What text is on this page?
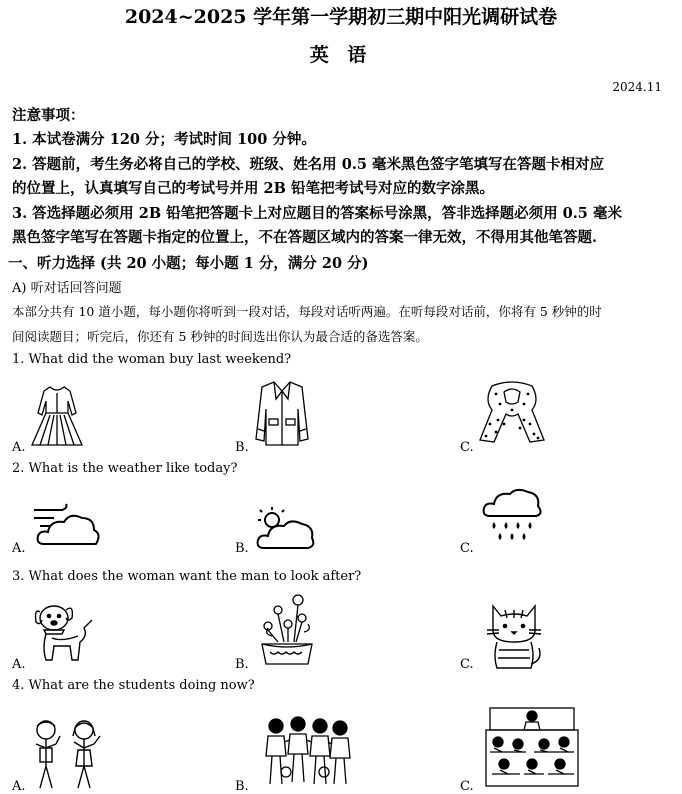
2024~2025 学年第一学期初三期中阳光调研试卷
英 语
2024.11
注意事项：
1. 本试卷满分 120 分；考试时间 100 分钟。
2. 答题前，考生务必将自己的学校、班级、姓名用 0.5 毫米黑色签字笔填写在答题卡相对应
的位置上，认真填写自己的考试号并用 2B 铅笔把考试号对应的数字涂黑。
3. 答选择题必须用 2B 铅笔把答题卡上对应题目的答案标号涂黑，答非选择题必须用 0.5 毫米
黑色签字笔写在答题卡指定的位置上，不在答题区域内的答案一律无效，不得用其他笔答题.
一、听力选择 (共 20 小题；每小题 1 分，满分 20 分)
A) 听对话回答问题
本部分共有 10 道小题，每小题你将听到一段对话，每段对话听两遍。在听每段对话前，你将有 5 秒钟的时
间阅读题目；听完后，你还有 5 秒钟的时间选出你认为最合适的备选答案。
1. What did the woman buy last weekend?
A.	B.	C.
2. What is the weather like today?
A.	B.	C.
3. What does the woman want the man to look after?
A.	B.	C.
4. What are the students doing now?
A.	B.	C.
